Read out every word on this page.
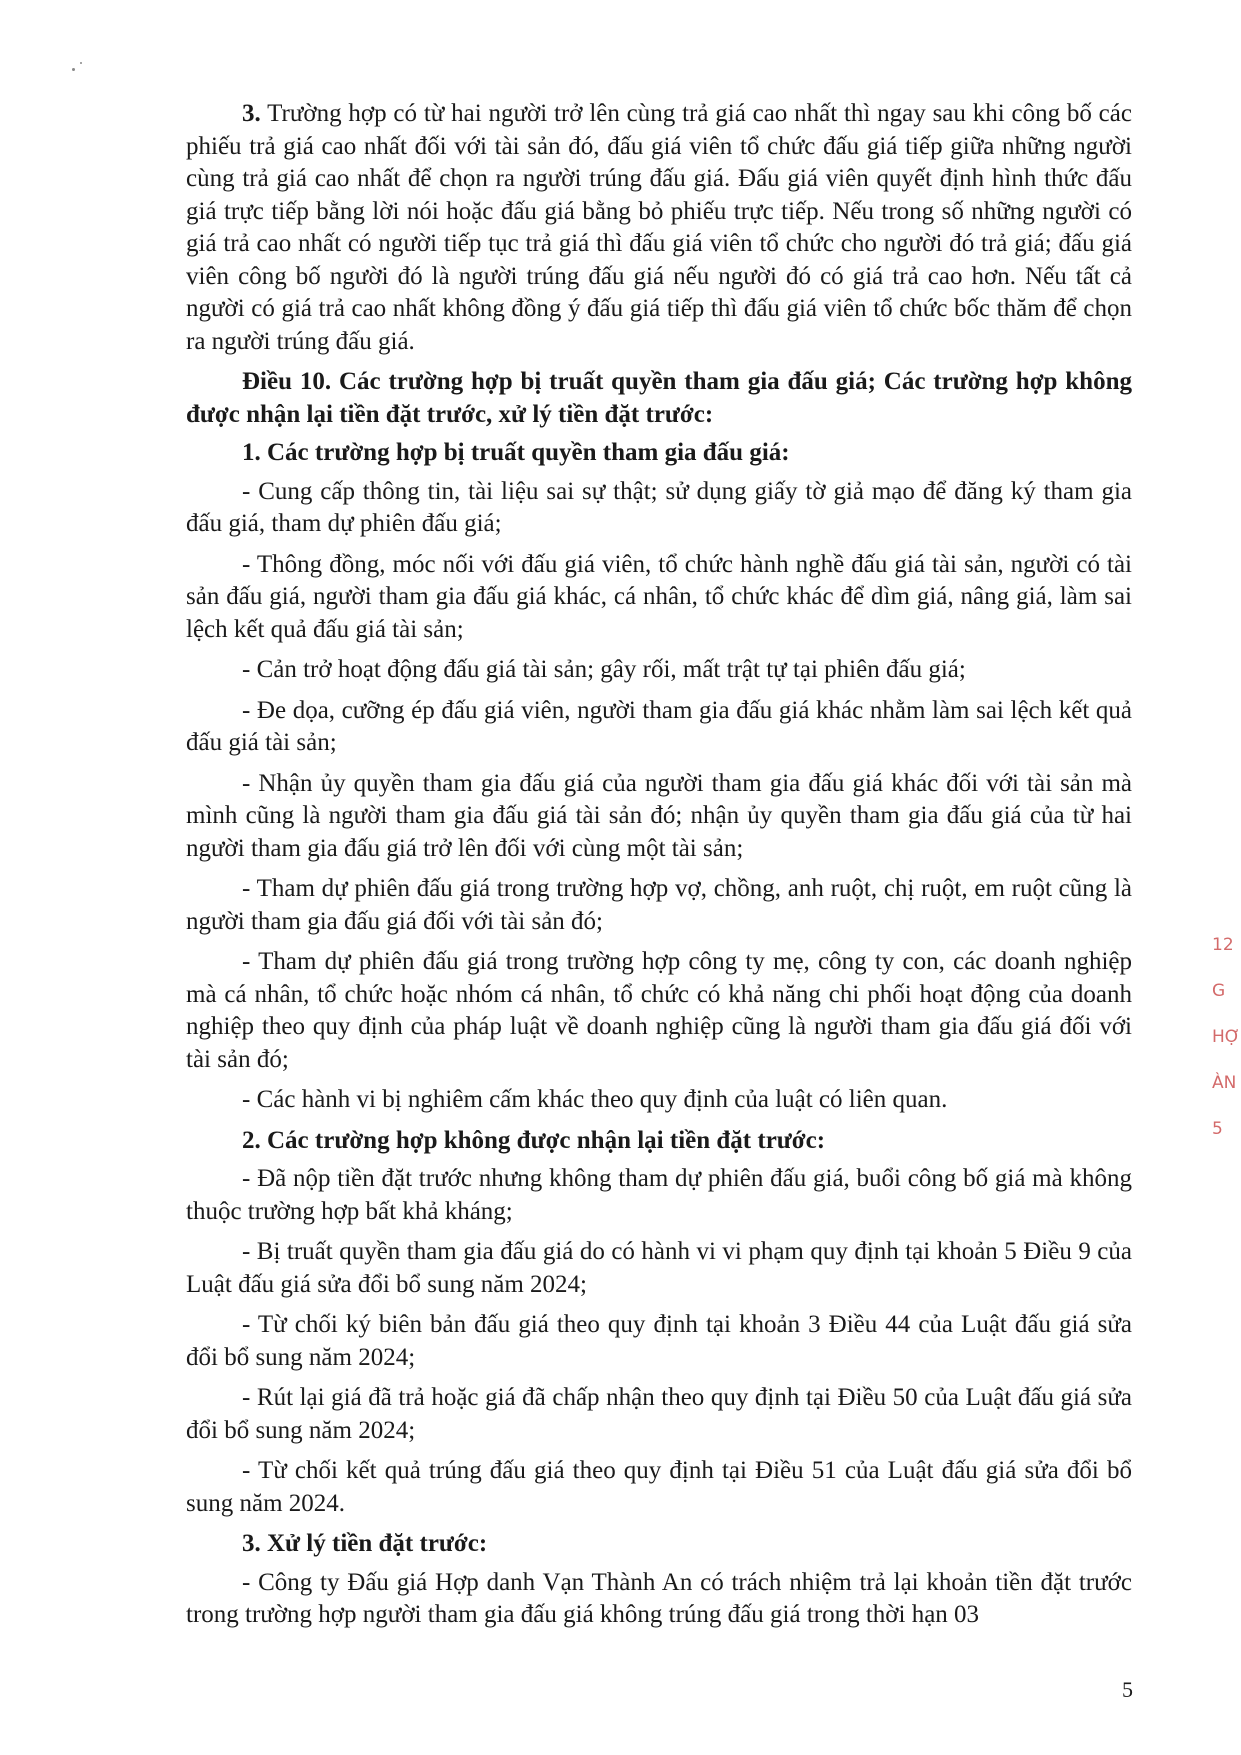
3. Trường hợp có từ hai người trở lên cùng trả giá cao nhất thì ngay sau khi công bố các phiếu trả giá cao nhất đối với tài sản đó, đấu giá viên tổ chức đấu giá tiếp giữa những người cùng trả giá cao nhất để chọn ra người trúng đấu giá. Đấu giá viên quyết định hình thức đấu giá trực tiếp bằng lời nói hoặc đấu giá bằng bỏ phiếu trực tiếp. Nếu trong số những người có giá trả cao nhất có người tiếp tục trả giá thì đấu giá viên tổ chức cho người đó trả giá; đấu giá viên công bố người đó là người trúng đấu giá nếu người đó có giá trả cao hơn. Nếu tất cả người có giá trả cao nhất không đồng ý đấu giá tiếp thì đấu giá viên tổ chức bốc thăm để chọn ra người trúng đấu giá.

Điều 10. Các trường hợp bị truất quyền tham gia đấu giá; Các trường hợp không được nhận lại tiền đặt trước, xử lý tiền đặt trước:

1. Các trường hợp bị truất quyền tham gia đấu giá:

- Cung cấp thông tin, tài liệu sai sự thật; sử dụng giấy tờ giả mạo để đăng ký tham gia đấu giá, tham dự phiên đấu giá;

- Thông đồng, móc nối với đấu giá viên, tổ chức hành nghề đấu giá tài sản, người có tài sản đấu giá, người tham gia đấu giá khác, cá nhân, tổ chức khác để dìm giá, nâng giá, làm sai lệch kết quả đấu giá tài sản;

- Cản trở hoạt động đấu giá tài sản; gây rối, mất trật tự tại phiên đấu giá;

- Đe dọa, cưỡng ép đấu giá viên, người tham gia đấu giá khác nhằm làm sai lệch kết quả đấu giá tài sản;

- Nhận ủy quyền tham gia đấu giá của người tham gia đấu giá khác đối với tài sản mà mình cũng là người tham gia đấu giá tài sản đó; nhận ủy quyền tham gia đấu giá của từ hai người tham gia đấu giá trở lên đối với cùng một tài sản;

- Tham dự phiên đấu giá trong trường hợp vợ, chồng, anh ruột, chị ruột, em ruột cũng là người tham gia đấu giá đối với tài sản đó;

- Tham dự phiên đấu giá trong trường hợp công ty mẹ, công ty con, các doanh nghiệp mà cá nhân, tổ chức hoặc nhóm cá nhân, tổ chức có khả năng chi phối hoạt động của doanh nghiệp theo quy định của pháp luật về doanh nghiệp cũng là người tham gia đấu giá đối với tài sản đó;

- Các hành vi bị nghiêm cấm khác theo quy định của luật có liên quan.

2. Các trường hợp không được nhận lại tiền đặt trước:

- Đã nộp tiền đặt trước nhưng không tham dự phiên đấu giá, buổi công bố giá mà không thuộc trường hợp bất khả kháng;

- Bị truất quyền tham gia đấu giá do có hành vi vi phạm quy định tại khoản 5 Điều 9 của Luật đấu giá sửa đổi bổ sung năm 2024;

- Từ chối ký biên bản đấu giá theo quy định tại khoản 3 Điều 44 của Luật đấu giá sửa đổi bổ sung năm 2024;

- Rút lại giá đã trả hoặc giá đã chấp nhận theo quy định tại Điều 50 của Luật đấu giá sửa đổi bổ sung năm 2024;

- Từ chối kết quả trúng đấu giá theo quy định tại Điều 51 của Luật đấu giá sửa đổi bổ sung năm 2024.

3. Xử lý tiền đặt trước:

- Công ty Đấu giá Hợp danh Vạn Thành An có trách nhiệm trả lại khoản tiền đặt trước trong trường hợp người tham gia đấu giá không trúng đấu giá trong thời hạn 03

12
G
HỢ
ÀN
5
5
